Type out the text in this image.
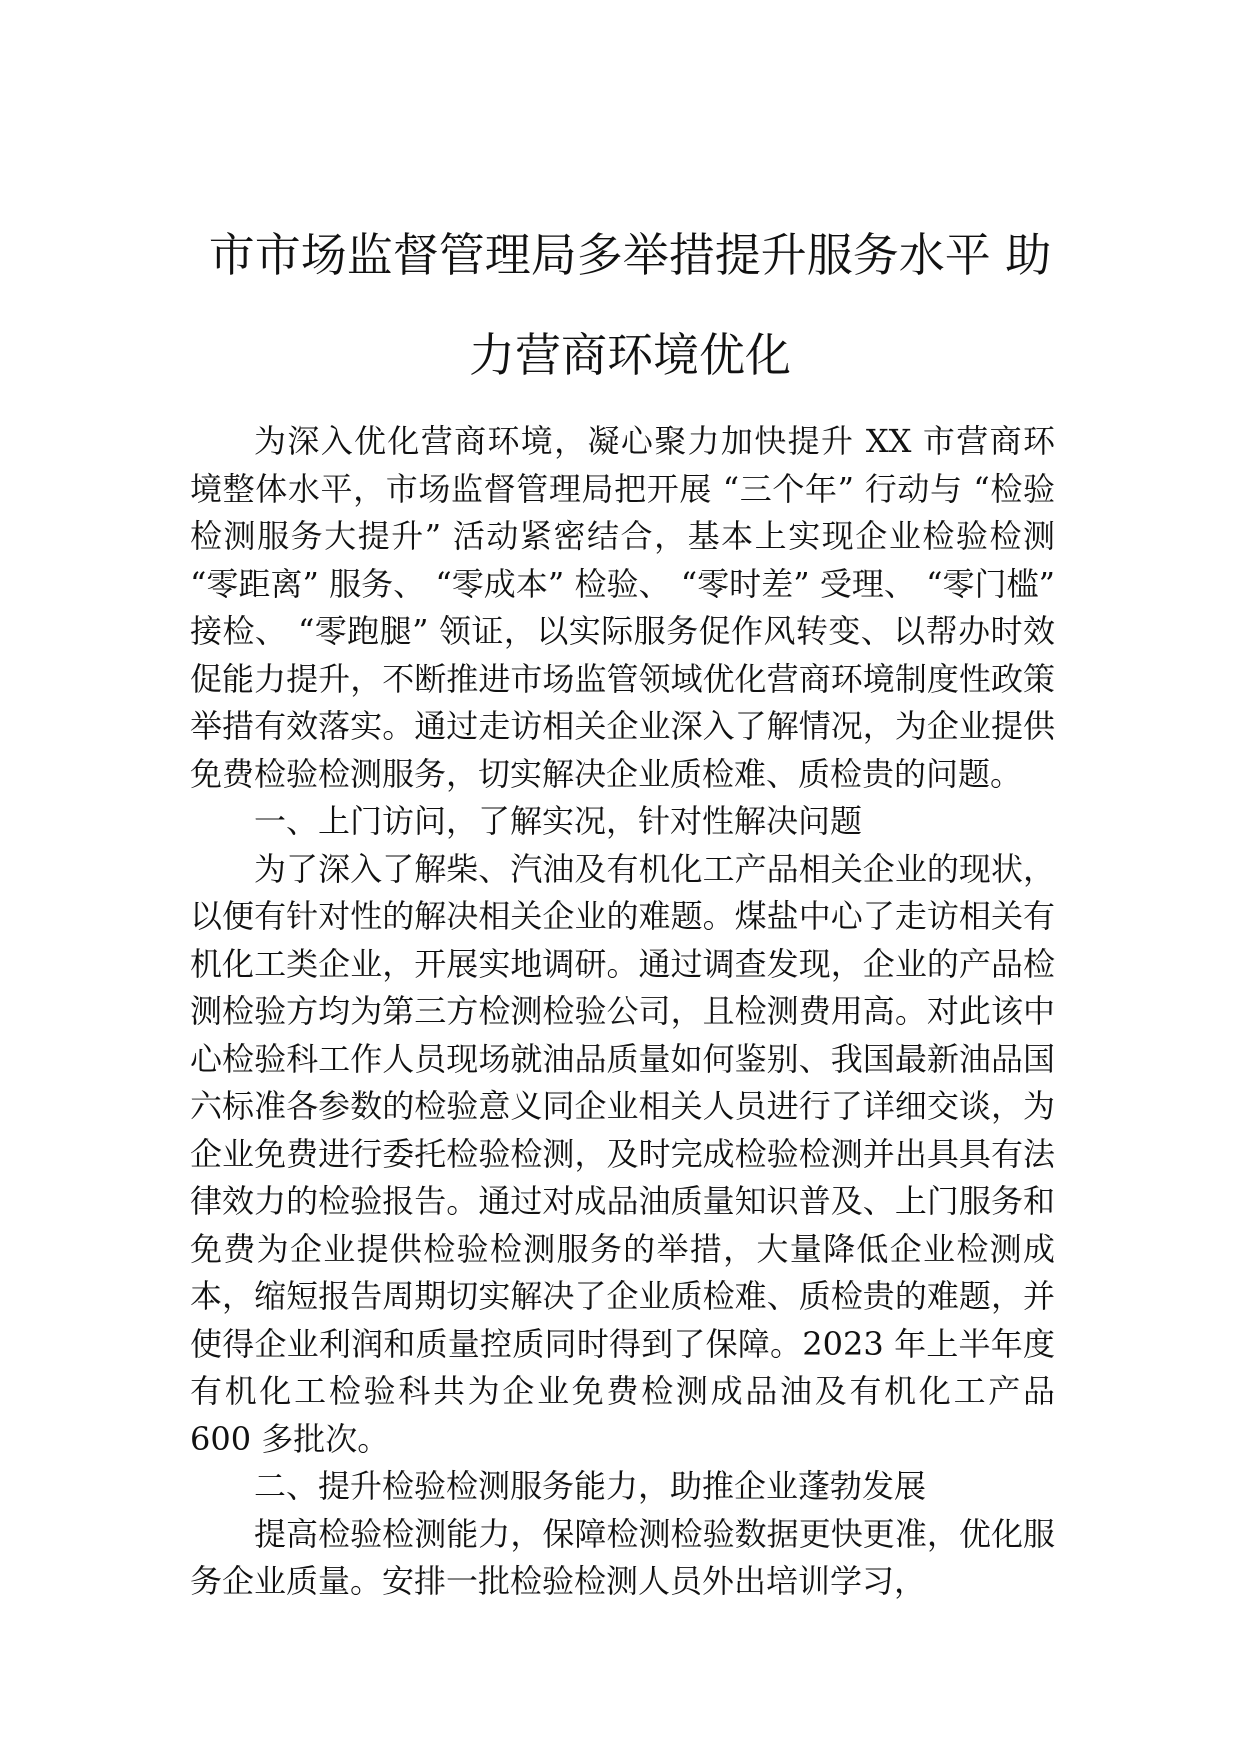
市市场监督管理局多举措提升服务水平 助
力营商环境优化

为深入优化营商环境，凝心聚力加快提升 XX 市营商环境整体水平，市场监督管理局把开展 “三个年” 行动与 “检验检测服务大提升” 活动紧密结合，基本上实现企业检验检测 “零距离” 服务、 “零成本” 检验、 “零时差” 受理、 “零门槛” 接检、 “零跑腿” 领证，以实际服务促作风转变、以帮办时效促能力提升，不断推进市场监管领域优化营商环境制度性政策举措有效落实。通过走访相关企业深入了解情况，为企业提供免费检验检测服务，切实解决企业质检难、质检贵的问题。

一、上门访问，了解实况，针对性解决问题

为了深入了解柴、汽油及有机化工产品相关企业的现状，以便有针对性的解决相关企业的难题。煤盐中心了走访相关有机化工类企业，开展实地调研。通过调查发现，企业的产品检测检验方均为第三方检测检验公司，且检测费用高。对此该中心检验科工作人员现场就油品质量如何鉴别、我国最新油品国六标准各参数的检验意义同企业相关人员进行了详细交谈，为企业免费进行委托检验检测，及时完成检验检测并出具具有法律效力的检验报告。通过对成品油质量知识普及、上门服务和免费为企业提供检验检测服务的举措，大量降低企业检测成本，缩短报告周期切实解决了企业质检难、质检贵的难题，并使得企业利润和质量控质同时得到了保障。2023 年上半年度有机化工检验科共为企业免费检测成品油及有机化工产品 600 多批次。

二、提升检验检测服务能力，助推企业蓬勃发展

提高检验检测能力，保障检测检验数据更快更准，优化服务企业质量。安排一批检验检测人员外出培训学习，
